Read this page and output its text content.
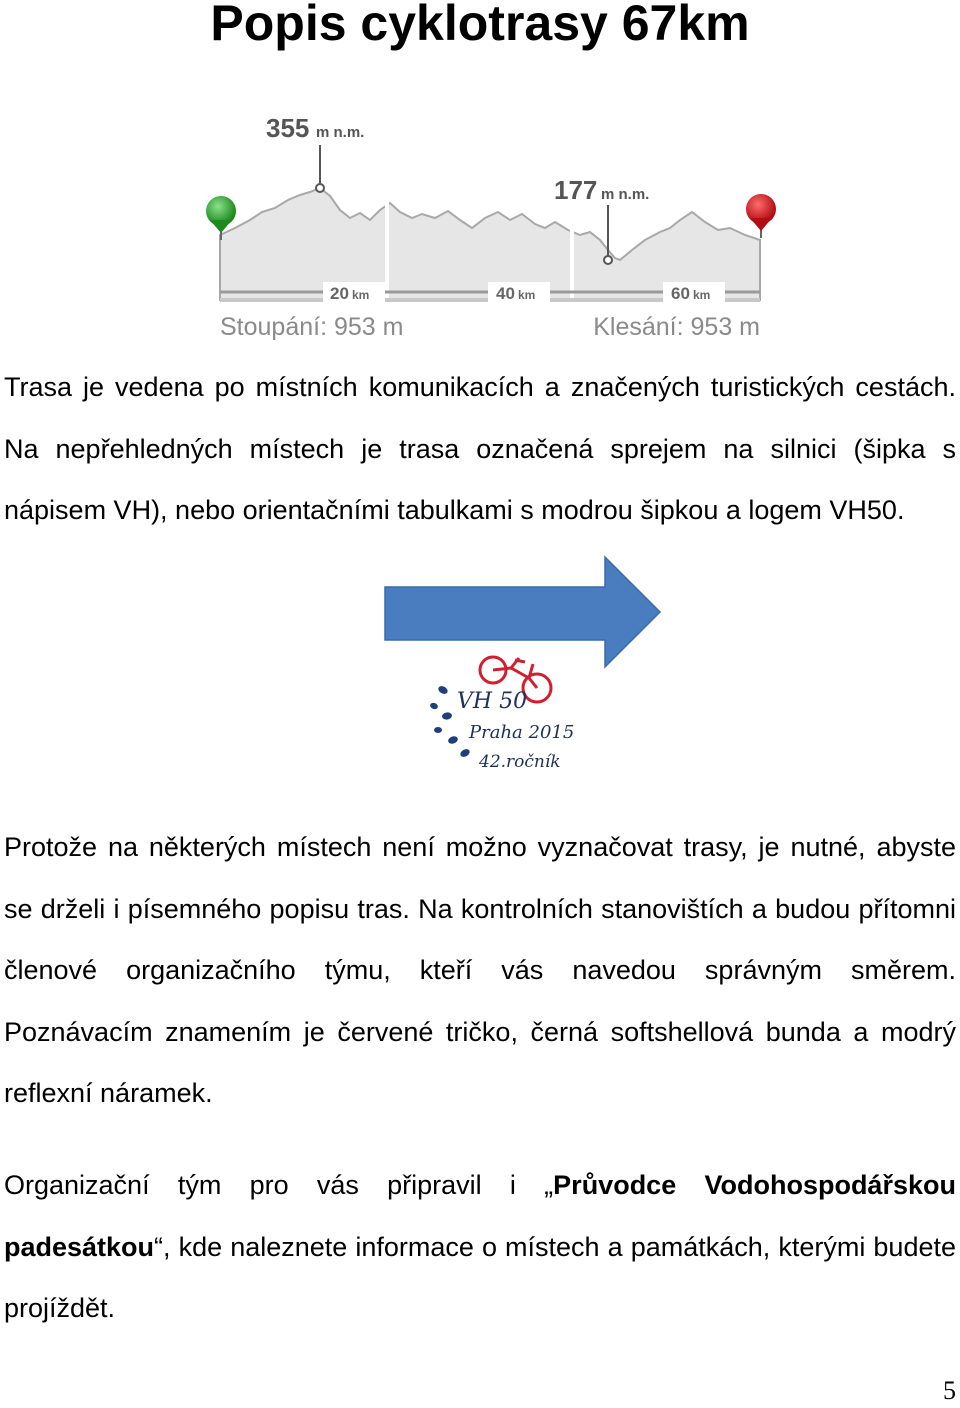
Popis cyklotrasy 67km
355 m n.m.
177 m n.m.
20 km	40 km	60 km
Stoupání: 953 m	Klesání: 953 m

Trasa je vedena po místních komunikacích a značených turistických cestách. Na nepřehledných místech je trasa označená sprejem na silnici (šipka s nápisem VH), nebo orientačními tabulkami s modrou šipkou a logem VH50.

VH 50
Praha 2015
42.ročník

Protože na některých místech není možno vyznačovat trasy, je nutné, abyste se drželi i písemného popisu tras. Na kontrolních stanovištích a budou přítomni členové organizačního týmu, kteří vás navedou správným směrem. Poznávacím znamením je červené tričko, černá softshellová bunda a modrý reflexní náramek.

Organizační tým pro vás připravil i „Průvodce Vodohospodářskou padesátkou“, kde naleznete informace o místech a památkách, kterými budete projíždět.

5
